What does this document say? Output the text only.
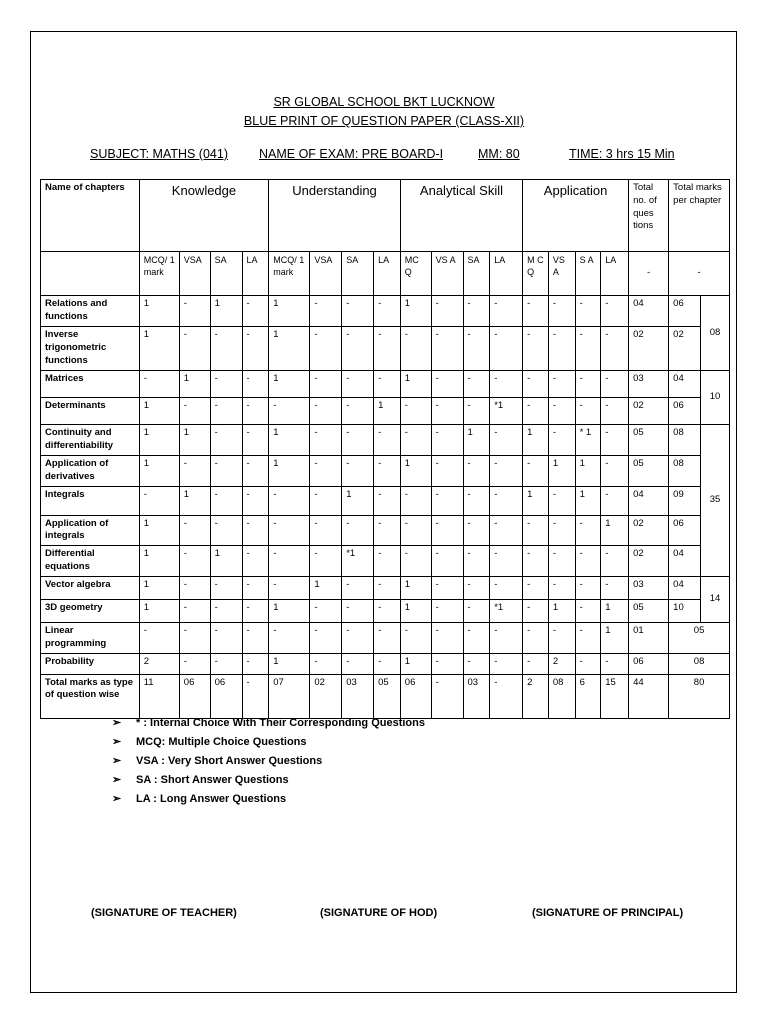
SR GLOBAL SCHOOL BKT LUCKNOW
BLUE PRINT OF QUESTION PAPER (CLASS-XII)
SUBJECT: MATHS (041) NAME OF EXAM: PRE BOARD-I	MM: 80	TIME: 3 hrs 15 Min
Name of chapters	Knowledge				Understanding				Analytical Skill				Application				Total no. of ques tions	Total marks per chapter	
	MCQ/ 1 mark	VSA	SA	LA	MCQ/ 1 mark	VSA	SA	LA	MC Q	VS A	SA	LA	M C Q	VS A	S A	LA	-	-	
Relations and functions	1	-	1	-	1	-	-	-	1	-	-	-	-	-	-	-	04	06	08
Inverse trigonometric functions	1	-	-	-	1	-	-	-	-	-	-	-	-	-	-	-	02	02	
Matrices	-	1	-	-	1	-	-	-	1	-	-	-	-	-	-	-	03	04	10
Determinants	1	-	-	-	-	-	-	1	-	-	-	*1	-	-	-	-	02	06	
Continuity and differentiability	1	1	-	-	1	-	-	-	-	-	1	-	1	-	* 1	-	05	08	35
Application of derivatives	1	-	-	-	1	-	-	-	1	-	-	-	-	1	1	-	05	08	
Integrals	-	1	-	-	-	-	1	-	-	-	-	-	1	-	1	-	04	09	
Application of integrals	1	-	-	-	-	-	-	-	-	-	-	-	-	-	-	1	02	06	
Differential equations	1	-	1	-	-	-	*1	-	-	-	-	-	-	-	-	-	02	04	
Vector algebra	1	-	-	-	-	1	-	-	1	-	-	-	-	-	-	-	03	04	14
3D geometry	1	-	-	-	1	-	-	-	1	-	-	*1	-	1	-	1	05	10	
Linear programming	-	-	-	-	-	-	-	-	-	-	-	-	-	-	-	1	01	05	
Probability	2	-	-	-	1	-	-	-	1	-	-	-	-	2	-	-	06	08	
Total marks as type of question wise	11	06	06	-	07	02	03	05	06	-	03	-	2	08	6	15	44	80	
➢ * : Internal Choice With Their Corresponding Questions
➢ MCQ: Multiple Choice Questions
➢ VSA : Very Short Answer Questions
➢ SA : Short Answer Questions
➢ LA : Long Answer Questions
(SIGNATURE OF TEACHER)	(SIGNATURE OF HOD)	(SIGNATURE OF PRINCIPAL)
